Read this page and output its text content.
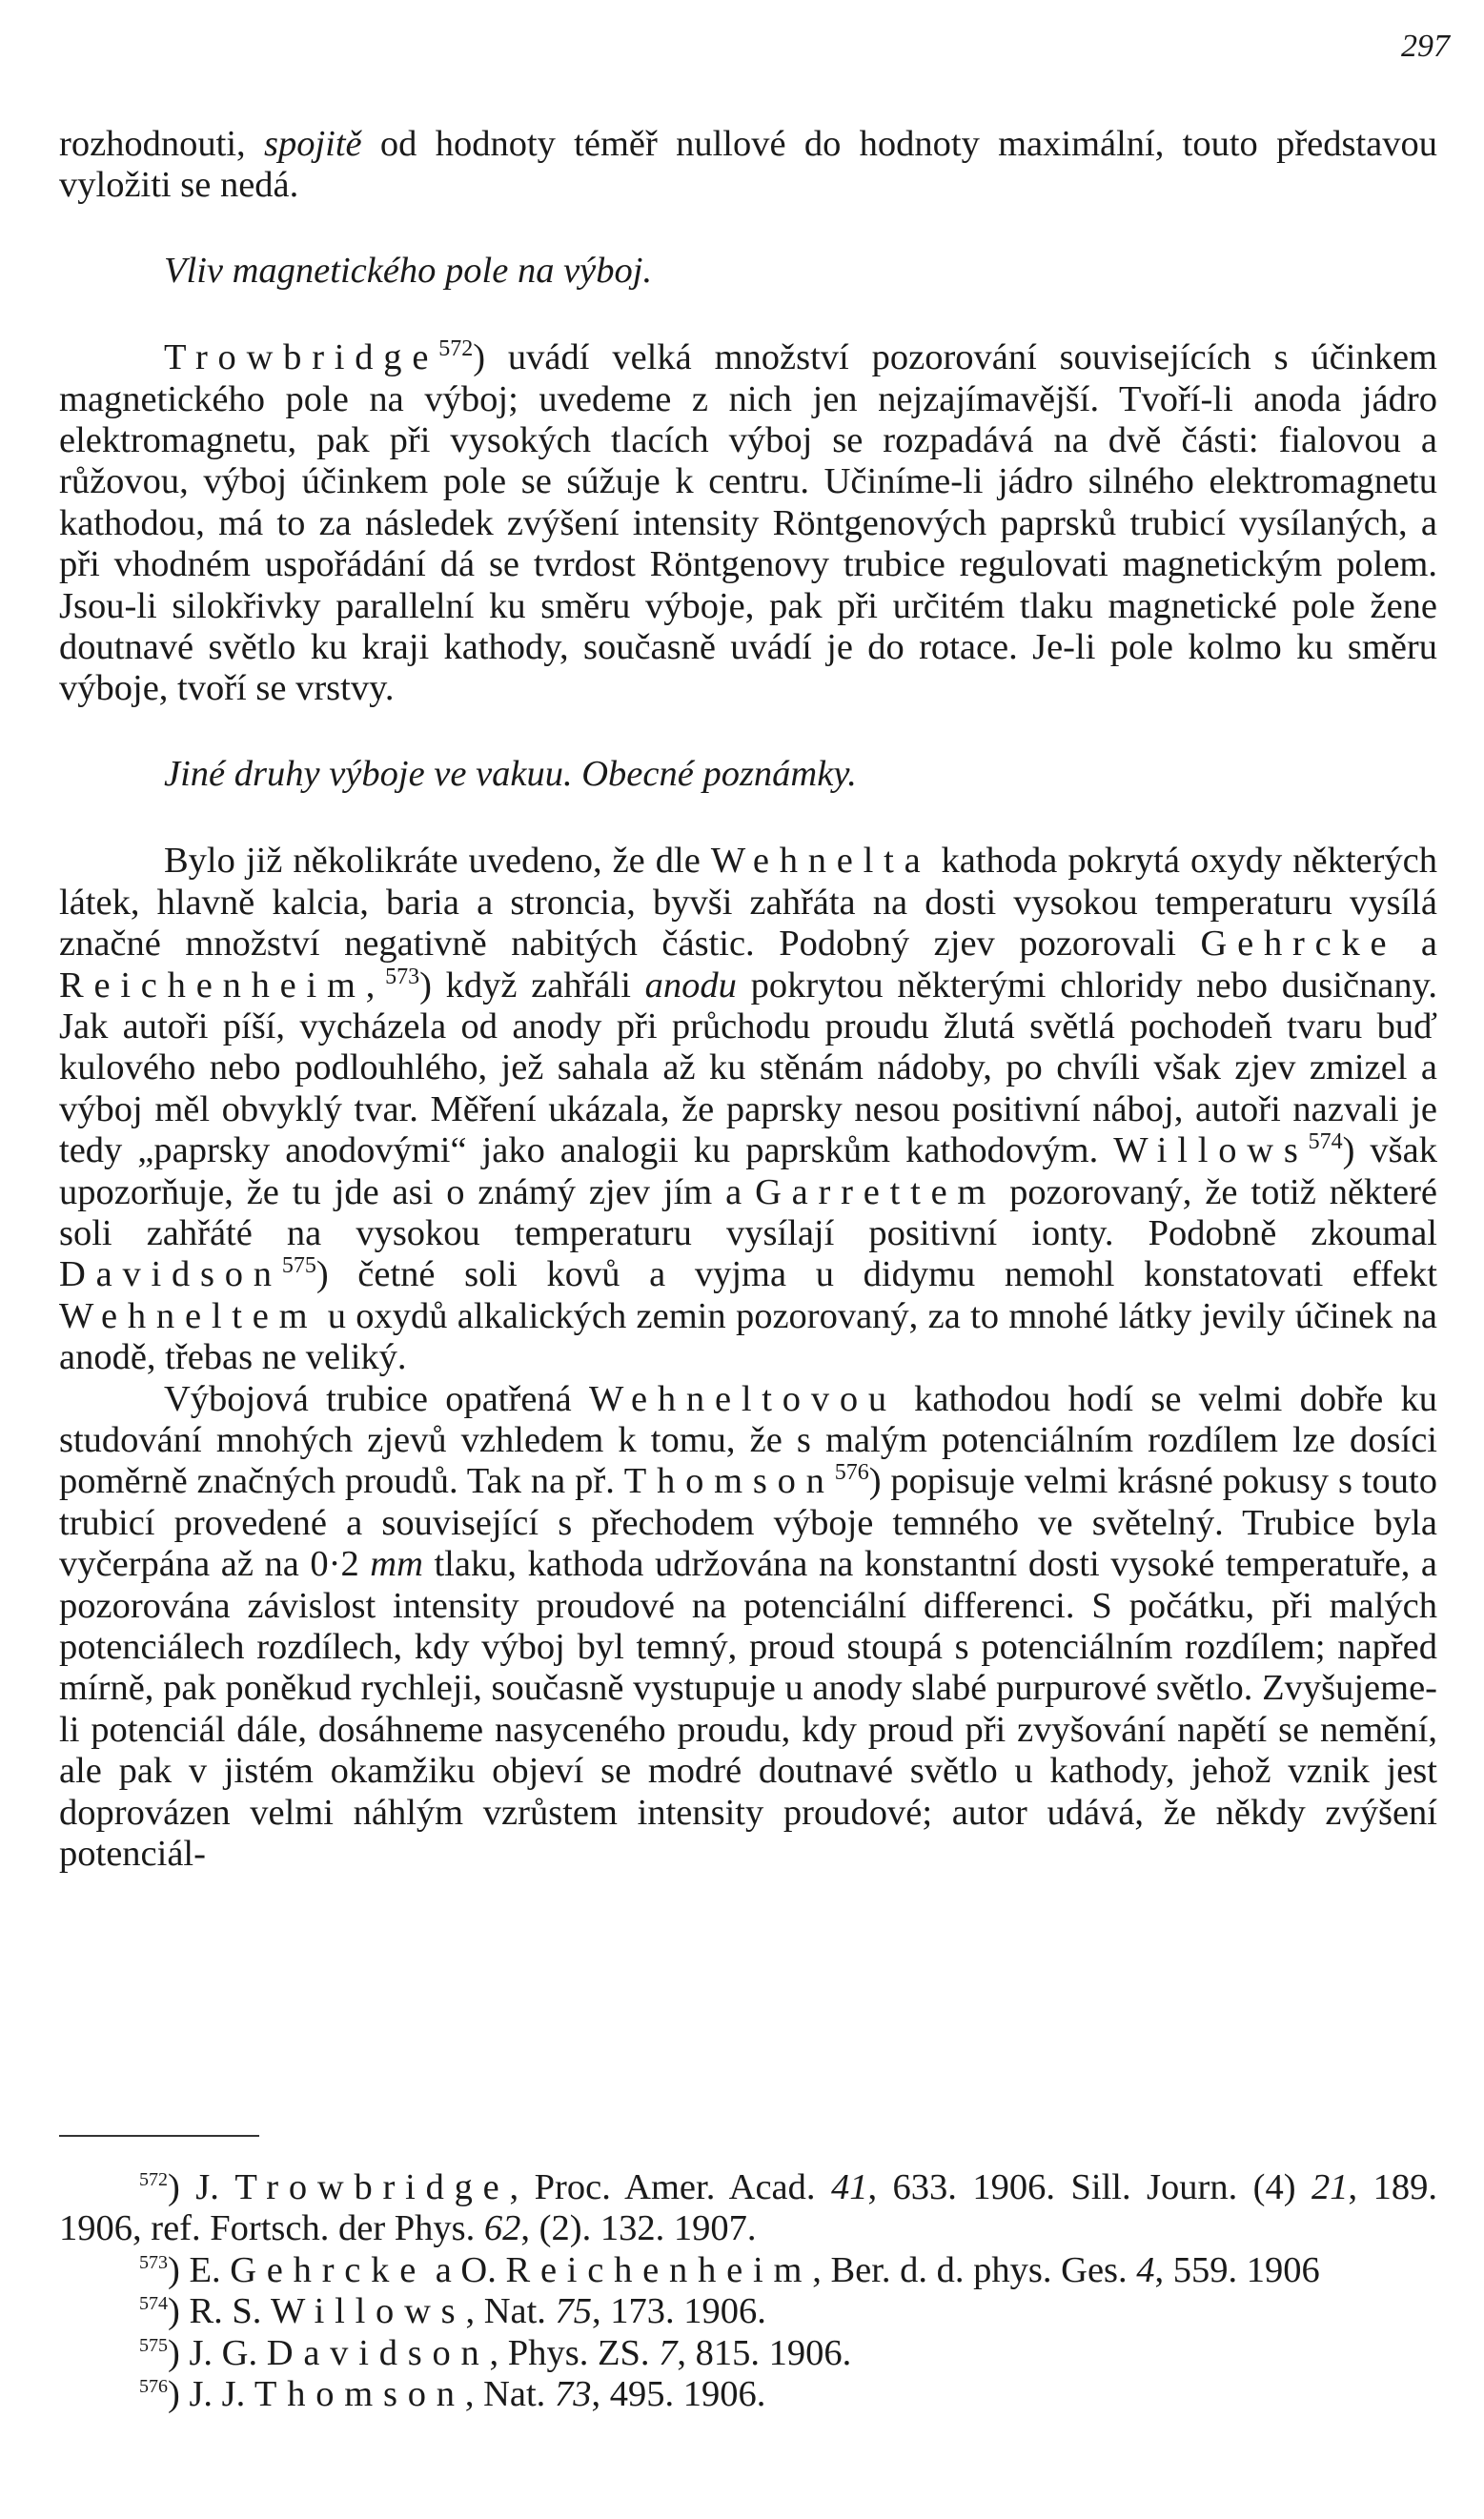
297

rozhodnouti, spojitě od hodnoty téměř nullové do hodnoty maximální, touto představou vyložiti se nedá.

Vliv magnetického pole na výboj.

Trowbridge$^{572}$) uvádí velká množství pozorování souvisejících s účinkem magnetického pole na výboj; uvedeme z nich jen nejzajímavější. Tvoří-li anoda jádro elektromagnetu, pak při vysokých tlacích výboj se rozpadává na dvě části: fialovou a růžovou, výboj účinkem pole se súžuje k centru. Učiníme-li jádro silného elektromagnetu kathodou, má to za následek zvýšení intensity Röntgenových paprsků trubicí vysílaných, a při vhodném uspořádání dá se tvrdost Röntgenovy trubice regulovati magnetickým polem. Jsou-li silokřivky parallelní ku směru výboje, pak při určitém tlaku magnetické pole žene doutnavé světlo ku kraji kathody, současně uvádí je do rotace. Je-li pole kolmo ku směru výboje, tvoří se vrstvy.

Jiné druhy výboje ve vakuu. Obecné poznámky.

Bylo již několikráte uvedeno, že dle Wehnelta kathoda pokrytá oxydy některých látek, hlavně kalcia, baria a stroncia, byvši zahřáta na dosti vysokou temperaturu vysílá značné množství negativně nabitých částic. Podobný zjev pozorovali Gehrcke a Reichenheim,$^{573}$) když zahřáli anodu pokrytou některými chloridy nebo dusičnany. Jak autoři píší, vycházela od anody při průchodu proudu žlutá světlá pochodeň tvaru buď kulového nebo podlouhlého, jež sahala až ku stěnám nádoby, po chvíli však zjev zmizel a výboj měl obvyklý tvar. Měření ukázala, že paprsky nesou positivní náboj, autoři nazvali je tedy „paprsky anodovými“ jako analogii ku paprskům kathodovým. Willows$^{574}$) však upozorňuje, že tu jde asi o známý zjev jím a Garrettem pozorovaný, že totiž některé soli zahřáté na vysokou temperaturu vysílají positivní ionty. Podobně zkoumal Davidson$^{575}$) četné soli kovů a vyjma u didymu nemohl konstatovati effekt Wehneltem u oxydů alkalických zemin pozorovaný, za to mnohé látky jevily účinek na anodě, třebas ne veliký.

Výbojová trubice opatřená Wehneltovou kathodou hodí se velmi dobře ku studování mnohých zjevů vzhledem k tomu, že s malým potenciálním rozdílem lze dosíci poměrně značných proudů. Tak na př. Thomson$^{576}$) popisuje velmi krásné pokusy s touto trubicí provedené a související s přechodem výboje temného ve světelný. Trubice byla vyčerpána až na 0·2 mm tlaku, kathoda udržována na konstantní dosti vysoké temperatuře, a pozorována závislost intensity proudové na potenciální differenci. S počátku, při malých potenciálech rozdílech, kdy výboj byl temný, proud stoupá s potenciálním rozdílem; napřed mírně, pak poněkud rychleji, současně vystupuje u anody slabé purpurové světlo. Zvyšujeme-li potenciál dále, dosáhneme nasyceného proudu, kdy proud při zvyšování napětí se nemění, ale pak v jistém okamžiku objeví se modré doutnavé světlo u kathody, jehož vznik jest doprovázen velmi náhlým vzrůstem intensity proudové; autor udává, že někdy zvýšení potenciál-

$^{572}$) J. Trowbridge, Proc. Amer. Acad. 41, 633. 1906. Sill. Journ. (4) 21, 189. 1906, ref. Fortsch. der Phys. 62, (2). 132. 1907.

$^{573}$) E. Gehrcke a O. Reichenheim, Ber. d. d. phys. Ges. 4, 559. 1906

$^{574}$) R. S. Willows, Nat. 75, 173. 1906.

$^{575}$) J. G. Davidson, Phys. ZS. 7, 815. 1906.

$^{576}$) J. J. Thomson, Nat. 73, 495. 1906.
